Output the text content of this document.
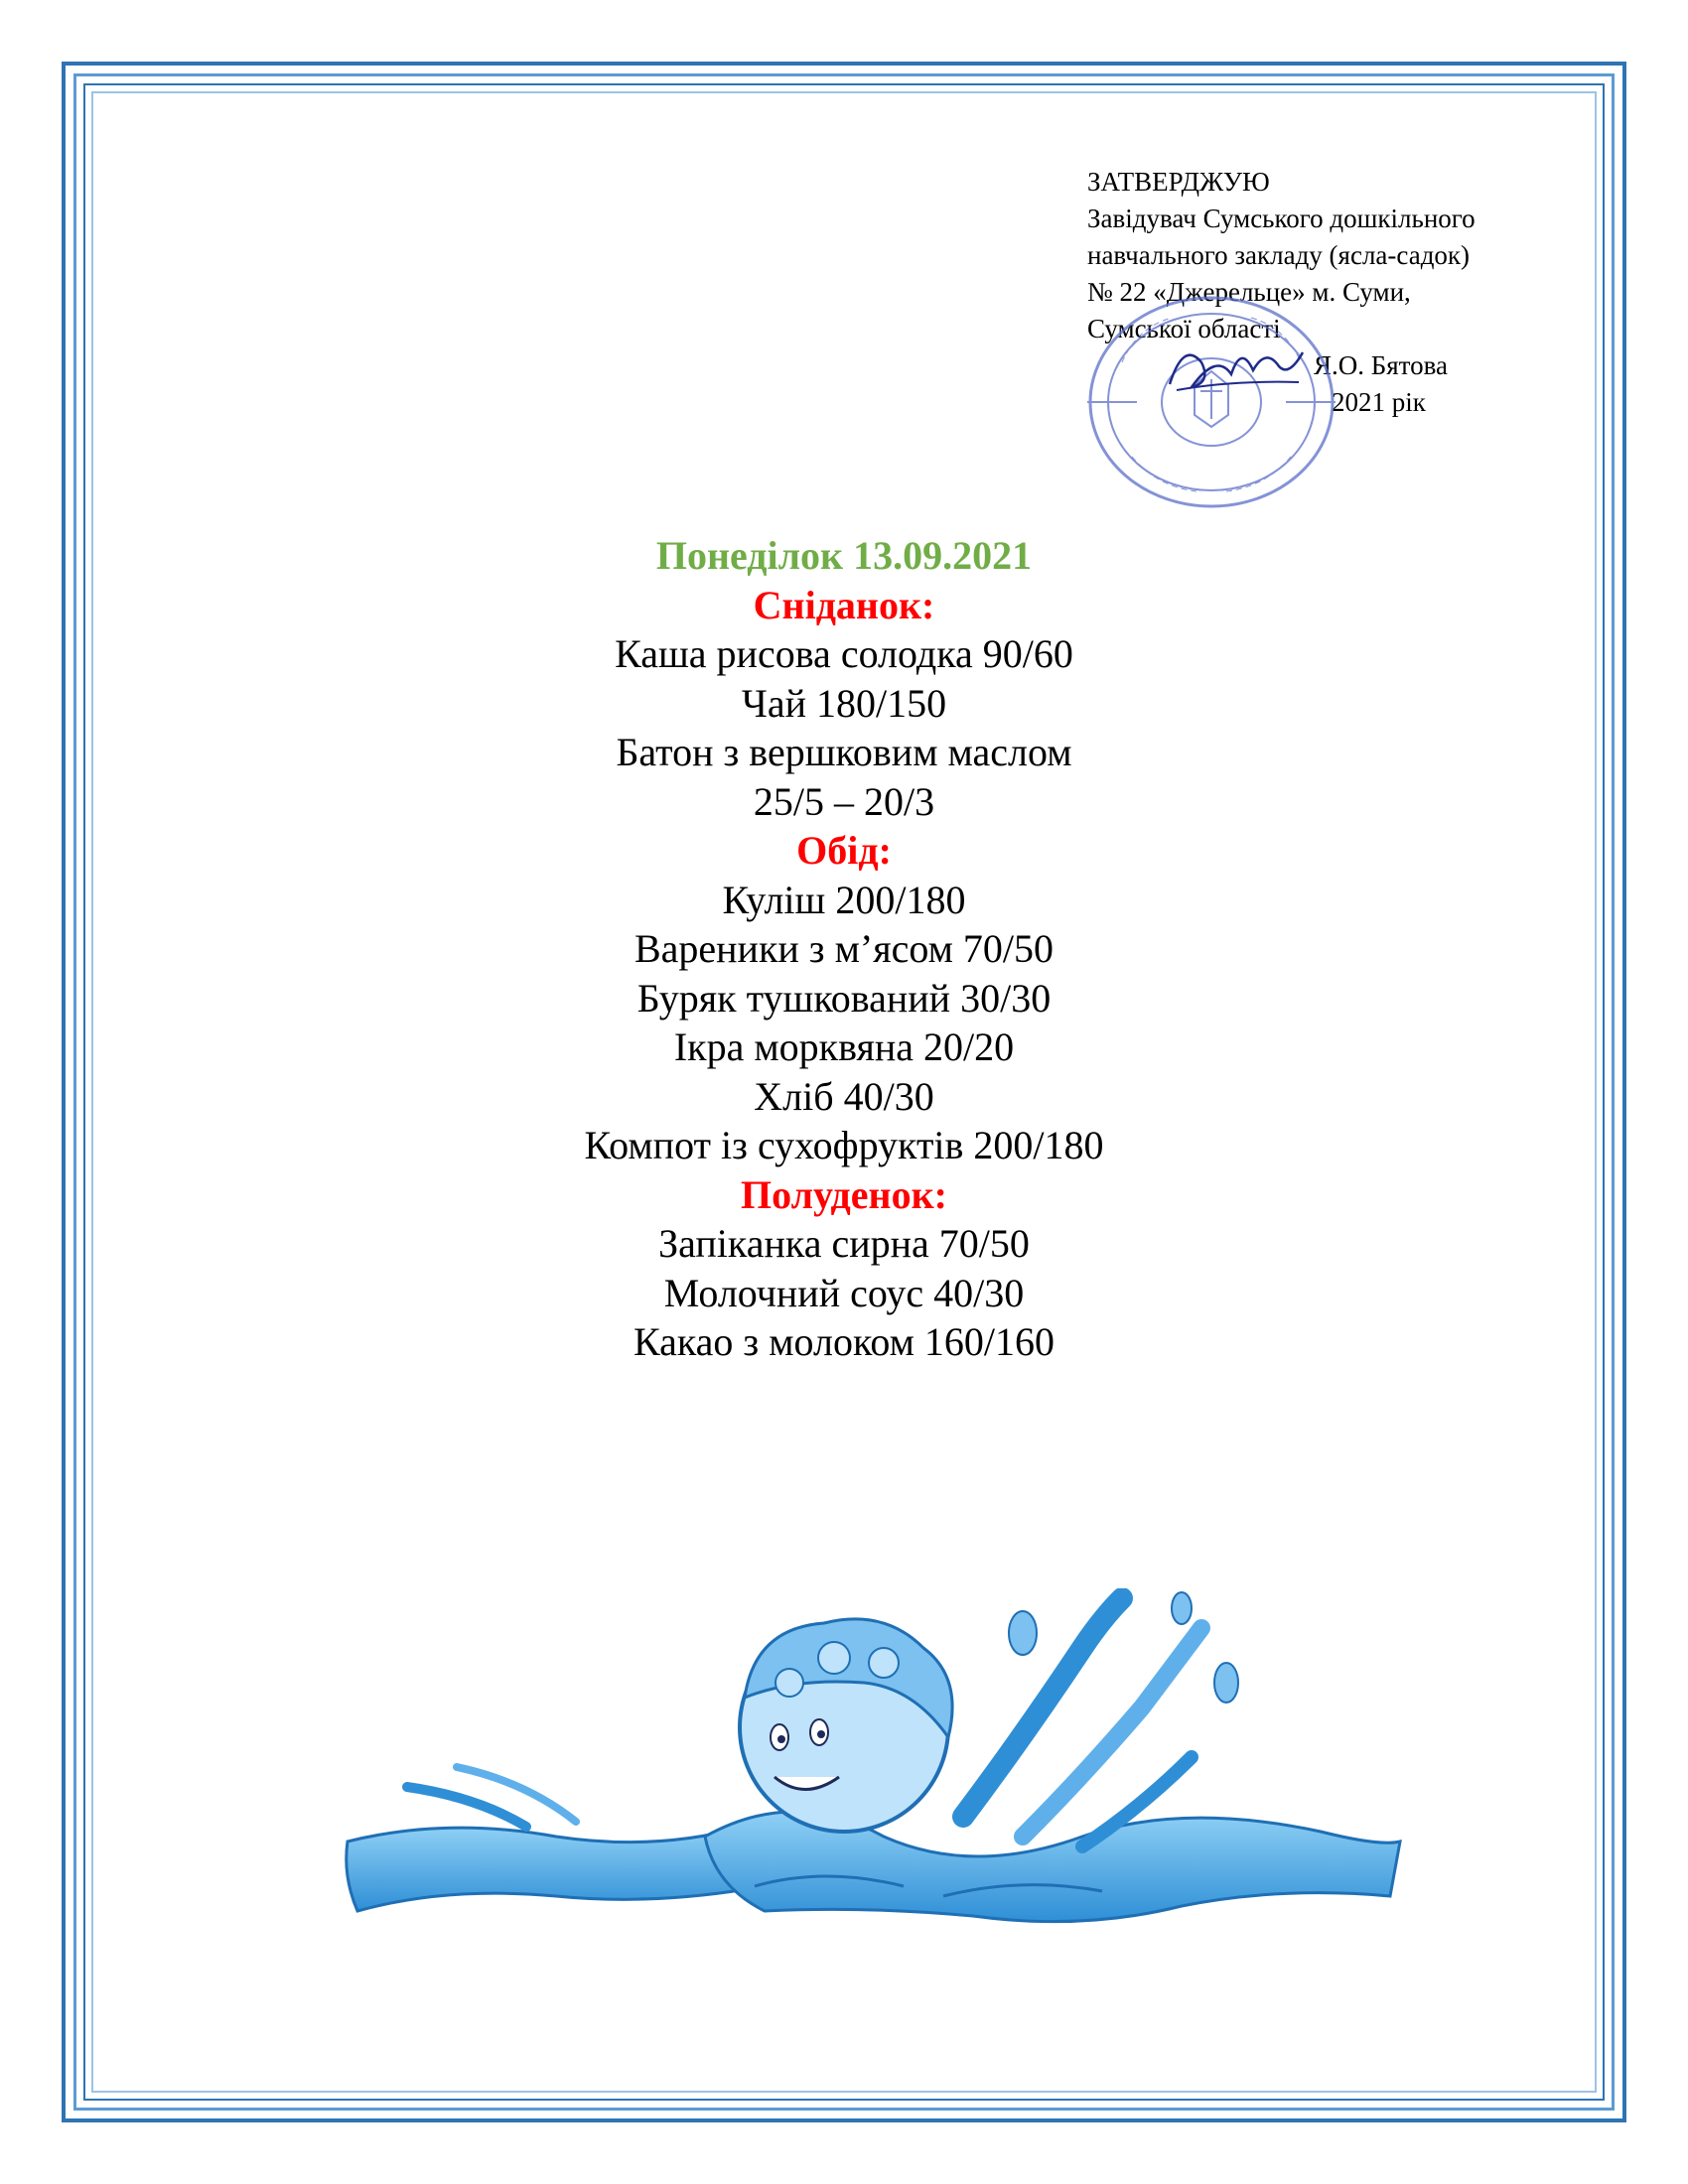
ЗАТВЕРДЖУЮ
Завідувач Сумського дошкільного
навчального закладу (ясла-садок)
№ 22 «Джерельце» м. Суми,
Сумської області
Я.О. Бятова
2021 рік
Понеділок 13.09.2021
Сніданок:
Каша рисова солодка 90/60
Чай 180/150
Батон з вершковим маслом
25/5 – 20/3
Обід:
Куліш 200/180
Вареники з м’ясом 70/50
Буряк тушкований 30/30
Ікра морквяна 20/20
Хліб 40/30
Компот із сухофруктів 200/180
Полуденок:
Запіканка сирна 70/50
Молочний соус 40/30
Какао з молоком 160/160
